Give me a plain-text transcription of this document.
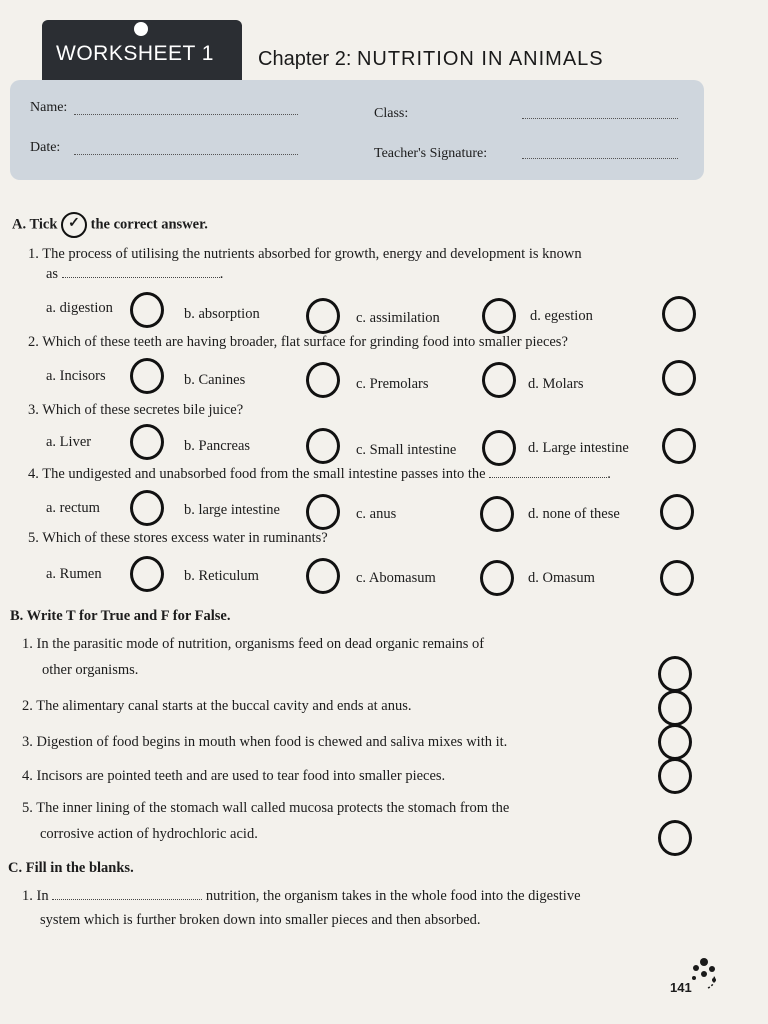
WORKSHEET 1 Chapter 2: NUTRITION IN ANIMALS
Name:	Class:
Date:	Teacher's Signature:
A. Tick ✓ the correct answer.
1. The process of utilising the nutrients absorbed for growth, energy and development is known
as	.
a. digestion	b. absorption	c. assimilation	d. egestion
2. Which of these teeth are having broader, flat surface for grinding food into smaller pieces?
a. Incisors	b. Canines	c. Premolars	d. Molars
3. Which of these secretes bile juice?
a. Liver	b. Pancreas	c. Small intestine	d. Large intestine
4. The undigested and unabsorbed food from the small intestine passes into the	.
a. rectum	b. large intestine	c. anus	d. none of these
5. Which of these stores excess water in ruminants?
a. Rumen	b. Reticulum	c. Abomasum	d. Omasum
B. Write T for True and F for False.
1. In the parasitic mode of nutrition, organisms feed on dead organic remains of
other organisms.
2. The alimentary canal starts at the buccal cavity and ends at anus.
3. Digestion of food begins in mouth when food is chewed and saliva mixes with it.
4. Incisors are pointed teeth and are used to tear food into smaller pieces.
5. The inner lining of the stomach wall called mucosa protects the stomach from the
corrosive action of hydrochloric acid.
C. Fill in the blanks.
1. In	nutrition, the organism takes in the whole food into the digestive
system which is further broken down into smaller pieces and then absorbed.
141
